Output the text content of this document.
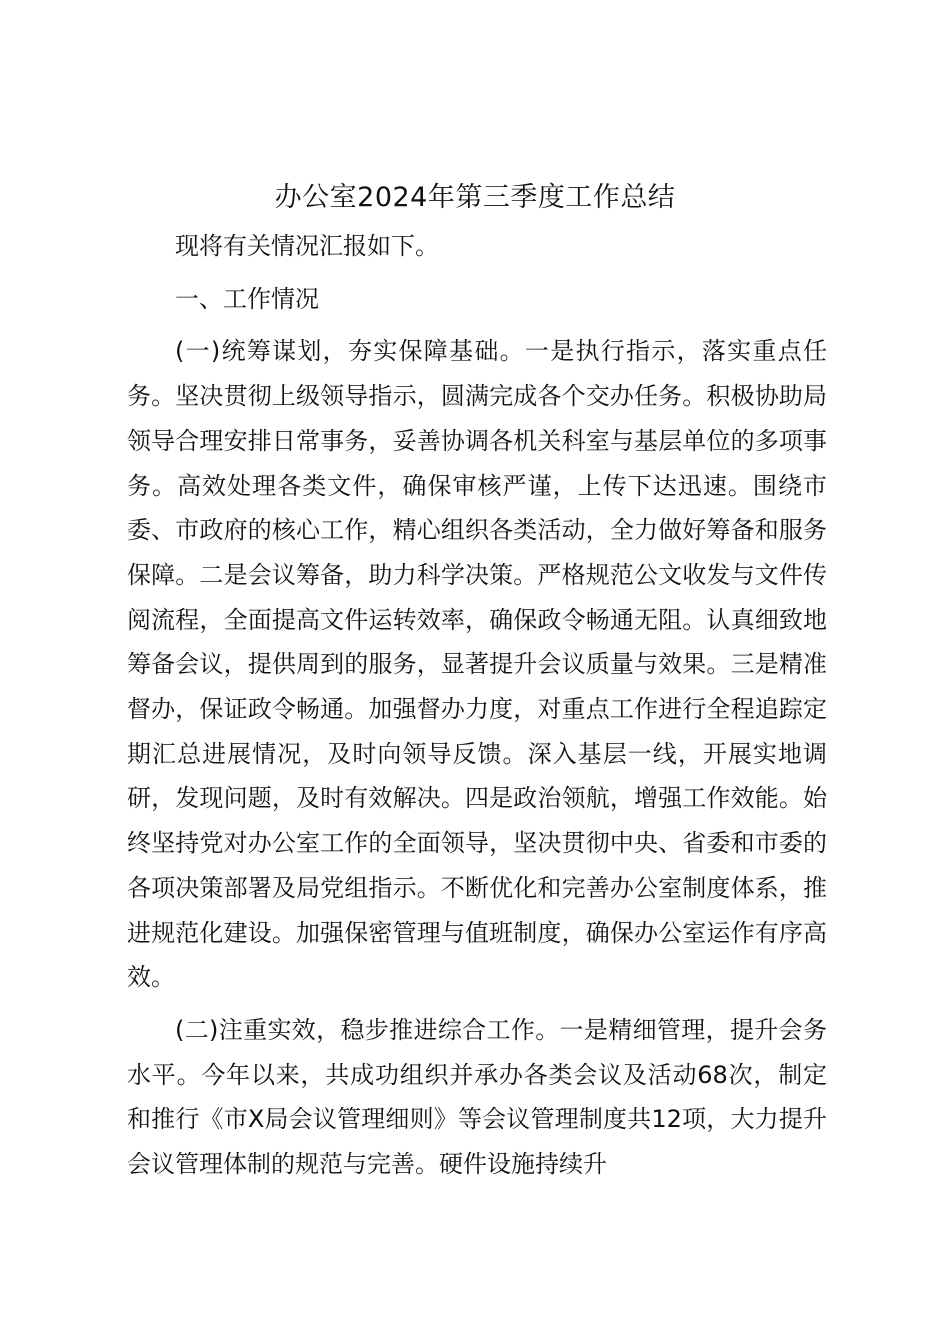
办公室2024年第三季度工作总结

现将有关情况汇报如下。

一、工作情况

(一)统筹谋划，夯实保障基础。一是执行指示，落实重点任务。坚决贯彻上级领导指示，圆满完成各个交办任务。积极协助局领导合理安排日常事务，妥善协调各机关科室与基层单位的多项事务。高效处理各类文件，确保审核严谨，上传下达迅速。围绕市委、市政府的核心工作，精心组织各类活动，全力做好筹备和服务保障。二是会议筹备，助力科学决策。严格规范公文收发与文件传阅流程，全面提高文件运转效率，确保政令畅通无阻。认真细致地筹备会议，提供周到的服务，显著提升会议质量与效果。三是精准督办，保证政令畅通。加强督办力度，对重点工作进行全程追踪定期汇总进展情况，及时向领导反馈。深入基层一线，开展实地调研，发现问题，及时有效解决。四是政治领航，增强工作效能。始终坚持党对办公室工作的全面领导，坚决贯彻中央、省委和市委的各项决策部署及局党组指示。不断优化和完善办公室制度体系，推进规范化建设。加强保密管理与值班制度，确保办公室运作有序高效。

(二)注重实效，稳步推进综合工作。一是精细管理，提升会务水平。今年以来，共成功组织并承办各类会议及活动68次，制定和推行《市X局会议管理细则》等会议管理制度共12项，大力提升会议管理体制的规范与完善。硬件设施持续升
